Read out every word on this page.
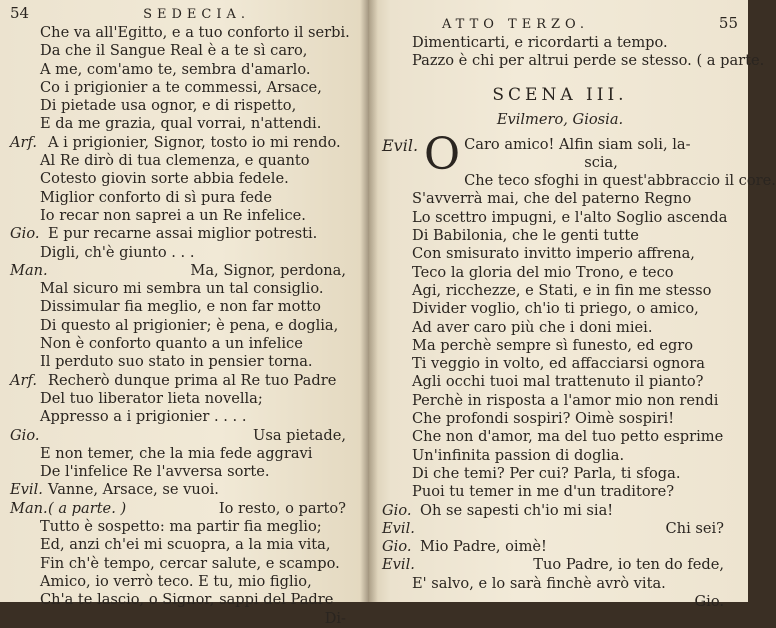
54	SEDECIA.
Che va all'Egitto, e a tuo conforto il serbi.
Da che il Sangue Real è a te sì caro,
A me, com'amo te, sembra d'amarlo.
Co i prigionier a te commessi, Arsace,
Di pietade usa ognor, e di rispetto,
E da me grazia, qual vorrai, n'attendi.
Arf. A i prigionier, Signor, tosto io mi rendo.
Al Re dirò di tua clemenza, e quanto
Cotesto giovin sorte abbia fedele.
Miglior conforto di sì pura fede
Io recar non saprei a un Re infelice.
Gio. E pur recarne assai miglior potresti.
Digli, ch'è giunto . . .
Man.	Ma, Signor, perdona,
Mal sicuro mi sembra un tal consiglio.
Dissimular fia meglio, e non far motto
Di questo al prigionier; è pena, e doglia,
Non è conforto quanto a un infelice
Il perduto suo stato in pensier torna.
Arf. Recherò dunque prima al Re tuo Padre
Del tuo liberator lieta novella;
Appresso a i prigionier . . . .
Gio.	Usa pietade,
E non temer, che la mia fede aggravi
De l'infelice Re l'avversa sorte.
Evil. Vanne, Arsace, se vuoi.
Man.( a parte. )	Io resto, o parto?
Tutto è sospetto: ma partir fia meglio;
Ed, anzi ch'ei mi scuopra, a la mia vita,
Fin ch'è tempo, cercar salute, e scampo.
Amico, io verrò teco. E tu, mio figlio,
Ch'a te lascio, o Signor, sappi del Padre
Di-
ATTO TERZO.	55
Dimenticarti, e ricordarti a tempo.
Pazzo è chi per altrui perde se stesso. ( a parte.
SCENA III.
Evilmero, Giosia.
Evil. O Caro amico! Alfin siam soli, la-
scia,
Che teco sfoghi in quest'abbraccio il core.
S'avverrà mai, che del paterno Regno
Lo scettro impugni, e l'alto Soglio ascenda
Di Babilonia, che le genti tutte
Con smisurato invitto imperio affrena,
Teco la gloria del mio Trono, e teco
Agi, ricchezze, e Stati, e in fin me stesso
Divider voglio, ch'io ti priego, o amico,
Ad aver caro più che i doni miei.
Ma perchè sempre sì funesto, ed egro
Ti veggio in volto, ed affacciarsi ognora
Agli occhi tuoi mal trattenuto il pianto?
Perchè in risposta a l'amor mio non rendi
Che profondi sospiri? Oimè sospiri!
Che non d'amor, ma del tuo petto esprime
Un'infinita passion di doglia.
Di che temi? Per cui? Parla, ti sfoga.
Puoi tu temer in me d'un traditore?
Gio. Oh se sapesti ch'io mi sia!
Evil.	Chi sei?
Gio. Mio Padre, oimè!
Evil.	Tuo Padre, io ten do fede,
E' salvo, e lo sarà finchè avrò vita.
Gio.
